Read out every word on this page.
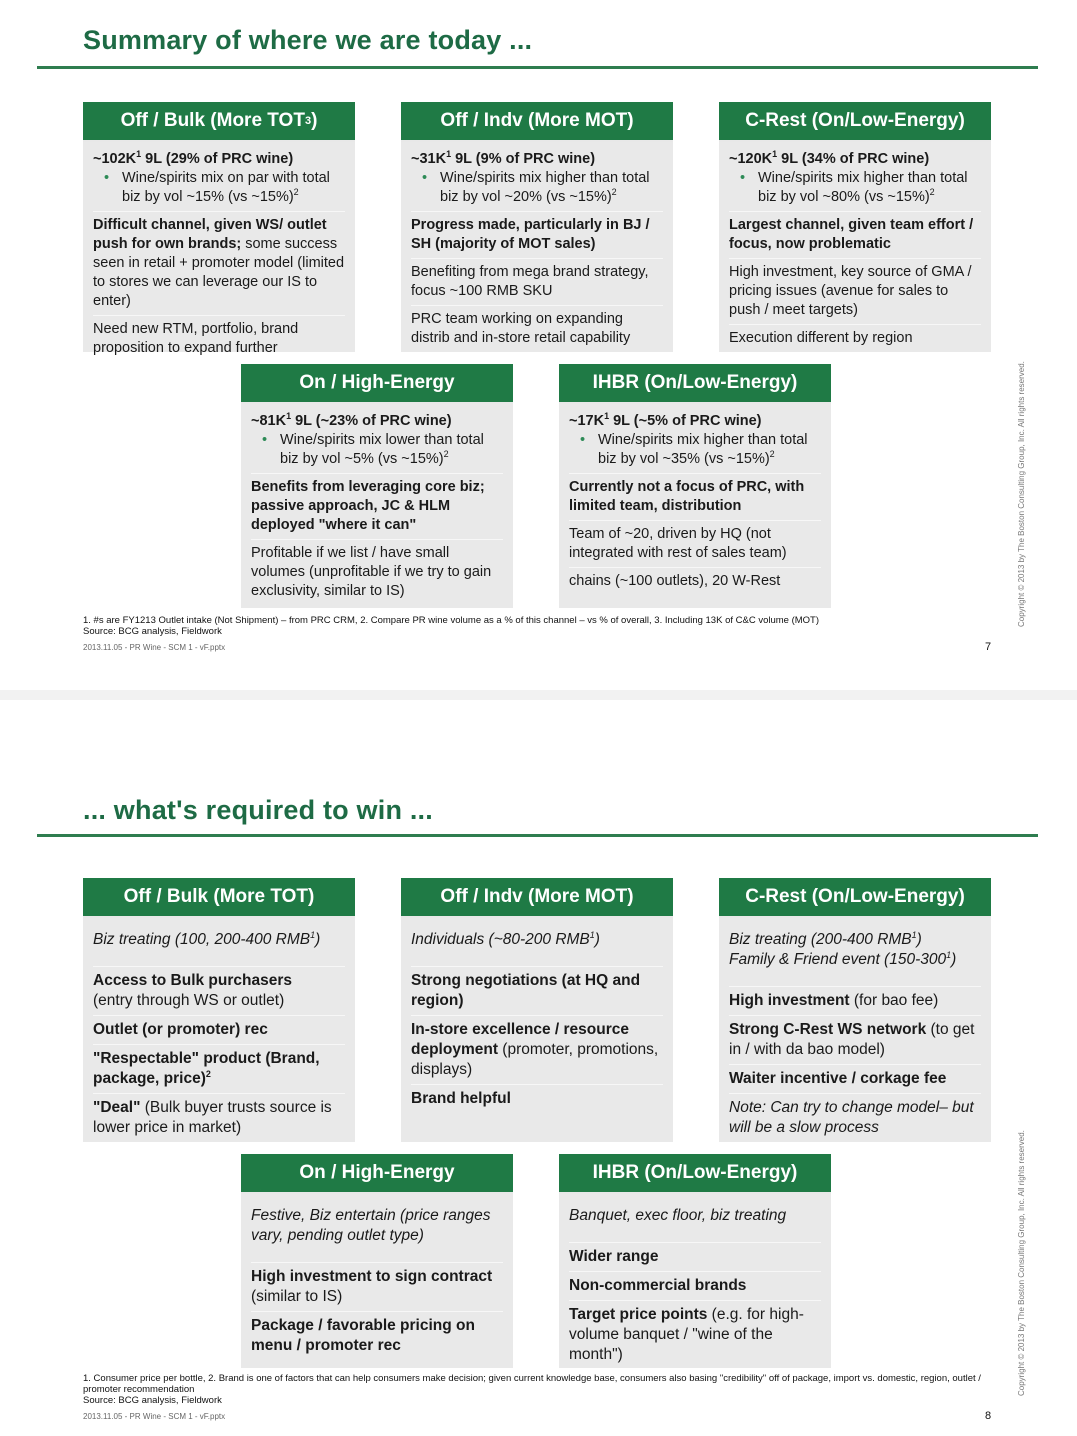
Summary of where we are today ...
Off / Bulk (More TOT 3 )
$\sim 102K^1$ 9L (29% of PRC wine)
• Wine/spirits mix on par with total biz by vol ~15% (vs ~15%)$^2$
Difficult channel, given WS/ outlet push for own brands; some success seen in retail + promoter model (limited to stores we can leverage our IS to enter)
Need new RTM, portfolio, brand proposition to expand further
Off / Indv (More MOT)
$\sim 31K^1$ 9L (9% of PRC wine)
• Wine/spirits mix higher than total biz by vol ~20% (vs ~15%)$^2$
Progress made, particularly in BJ / SH (majority of MOT sales)
Benefiting from mega brand strategy, focus ~100 RMB SKU
PRC team working on expanding distrib and in-store retail capability
C-Rest (On/Low-Energy)
$\sim 120K^1$ 9L (34% of PRC wine)
• Wine/spirits mix higher than total biz by vol ~80% (vs ~15%)$^2$
Largest channel, given team effort / focus, now problematic
High investment, key source of GMA / pricing issues (avenue for sales to push / meet targets)
Execution different by region
On / High-Energy
$\sim 81K^1$ 9L (~23% of PRC wine)
• Wine/spirits mix lower than total biz by vol ~5% (vs ~15%)$^2$
Benefits from leveraging core biz;
passive approach, JC & HLM deployed "where it can"
Profitable if we list / have small volumes (unprofitable if we try to gain exclusivity, similar to IS)
IHBR (On/Low-Energy)
$\sim 17K^1$ 9L (~5% of PRC wine)
• Wine/spirits mix higher than total biz by vol ~35% (vs ~15%)$^2$
Currently not a focus of PRC, with limited team, distribution
Team of ~20, driven by HQ (not integrated with rest of sales team)
chains (~100 outlets), 20 W-Rest
1. #s are FY1213 Outlet intake (Not Shipment) – from PRC CRM, 2. Compare PR wine volume as a % of this channel – vs % of overall, 3. Including 13K of C&C volume (MOT)
Source: BCG analysis, Fieldwork
2013.11.05 - PR Wine - SCM 1 - vF.pptx	7
Copyright © 2013 by The Boston Consulting Group, Inc. All rights reserved.
... what's required to win ...
Off / Bulk (More TOT)
Biz treating (100, 200-400 RMB$^1$)
Access to Bulk purchasers
(entry through WS or outlet)
Outlet (or promoter) rec
"Respectable" product (Brand, package, price)$^2$
"Deal" (Bulk buyer trusts source is lower price in market)
Off / Indv (More MOT)
Individuals (~80-200 RMB$^1$)
Strong negotiations (at HQ and region)
In-store excellence / resource deployment (promoter, promotions, displays)
Brand helpful
C-Rest (On/Low-Energy)
Biz treating (200-400 RMB$^1$)
Family & Friend event $(150-300^1)$
High investment (for bao fee)
Strong C-Rest WS network (to get in / with da bao model)
Waiter incentive / corkage fee
Note: Can try to change model– but will be a slow process
On / High-Energy
Festive, Biz entertain (price ranges vary, pending outlet type)
High investment to sign contract (similar to IS)
Package / favorable pricing on menu / promoter rec
IHBR (On/Low-Energy)
Banquet, exec floor, biz treating
Wider range
Non-commercial brands
Target price points (e.g. for high-volume banquet / "wine of the month")
1. Consumer price per bottle, 2. Brand is one of factors that can help consumers make decision; given current knowledge base, consumers also basing "credibility" off of package, import vs. domestic, region, outlet / promoter recommendation
Source: BCG analysis, Fieldwork
2013.11.05 - PR Wine - SCM 1 - vF.pptx	8
Copyright © 2013 by The Boston Consulting Group, Inc. All rights reserved.
